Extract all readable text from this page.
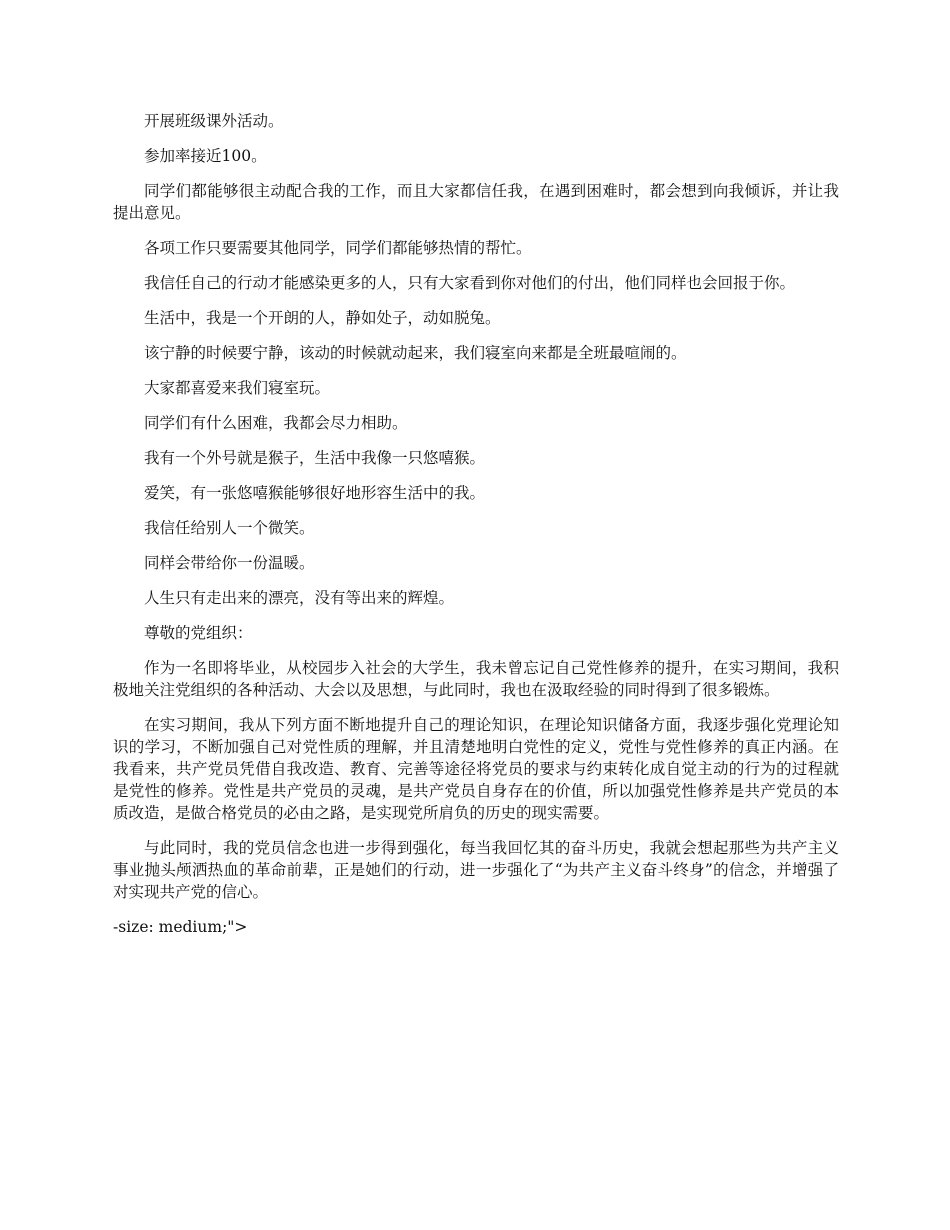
开展班级课外活动。

参加率接近100。

同学们都能够很主动配合我的工作，而且大家都信任我，在遇到困难时，都会想到向我倾诉，并让我提出意见。

各项工作只要需要其他同学，同学们都能够热情的帮忙。

我信任自己的行动才能感染更多的人，只有大家看到你对他们的付出，他们同样也会回报于你。

生活中，我是一个开朗的人，静如处子，动如脱兔。

该宁静的时候要宁静，该动的时候就动起来，我们寝室向来都是全班最喧闹的。

大家都喜爱来我们寝室玩。

同学们有什么困难，我都会尽力相助。

我有一个外号就是猴子，生活中我像一只悠嘻猴。

爱笑，有一张悠嘻猴能够很好地形容生活中的我。

我信任给别人一个微笑。

同样会带给你一份温暖。

人生只有走出来的漂亮，没有等出来的辉煌。

尊敬的党组织：

作为一名即将毕业，从校园步入社会的大学生，我未曾忘记自己党性修养的提升，在实习期间，我积极地关注党组织的各种活动、大会以及思想，与此同时，我也在汲取经验的同时得到了很多锻炼。

在实习期间，我从下列方面不断地提升自己的理论知识，在理论知识储备方面，我逐步强化党理论知识的学习，不断加强自己对党性质的理解，并且清楚地明白党性的定义，党性与党性修养的真正内涵。在我看来，共产党员凭借自我改造、教育、完善等途径将党员的要求与约束转化成自觉主动的行为的过程就是党性的修养。党性是共产党员的灵魂，是共产党员自身存在的价值，所以加强党性修养是共产党员的本质改造，是做合格党员的必由之路，是实现党所肩负的历史的现实需要。

与此同时，我的党员信念也进一步得到强化，每当我回忆其的奋斗历史，我就会想起那些为共产主义事业抛头颅洒热血的革命前辈，正是她们的行动，进一步强化了“为共产主义奋斗终身”的信念，并增强了对实现共产党的信心。

-size: medium;">
